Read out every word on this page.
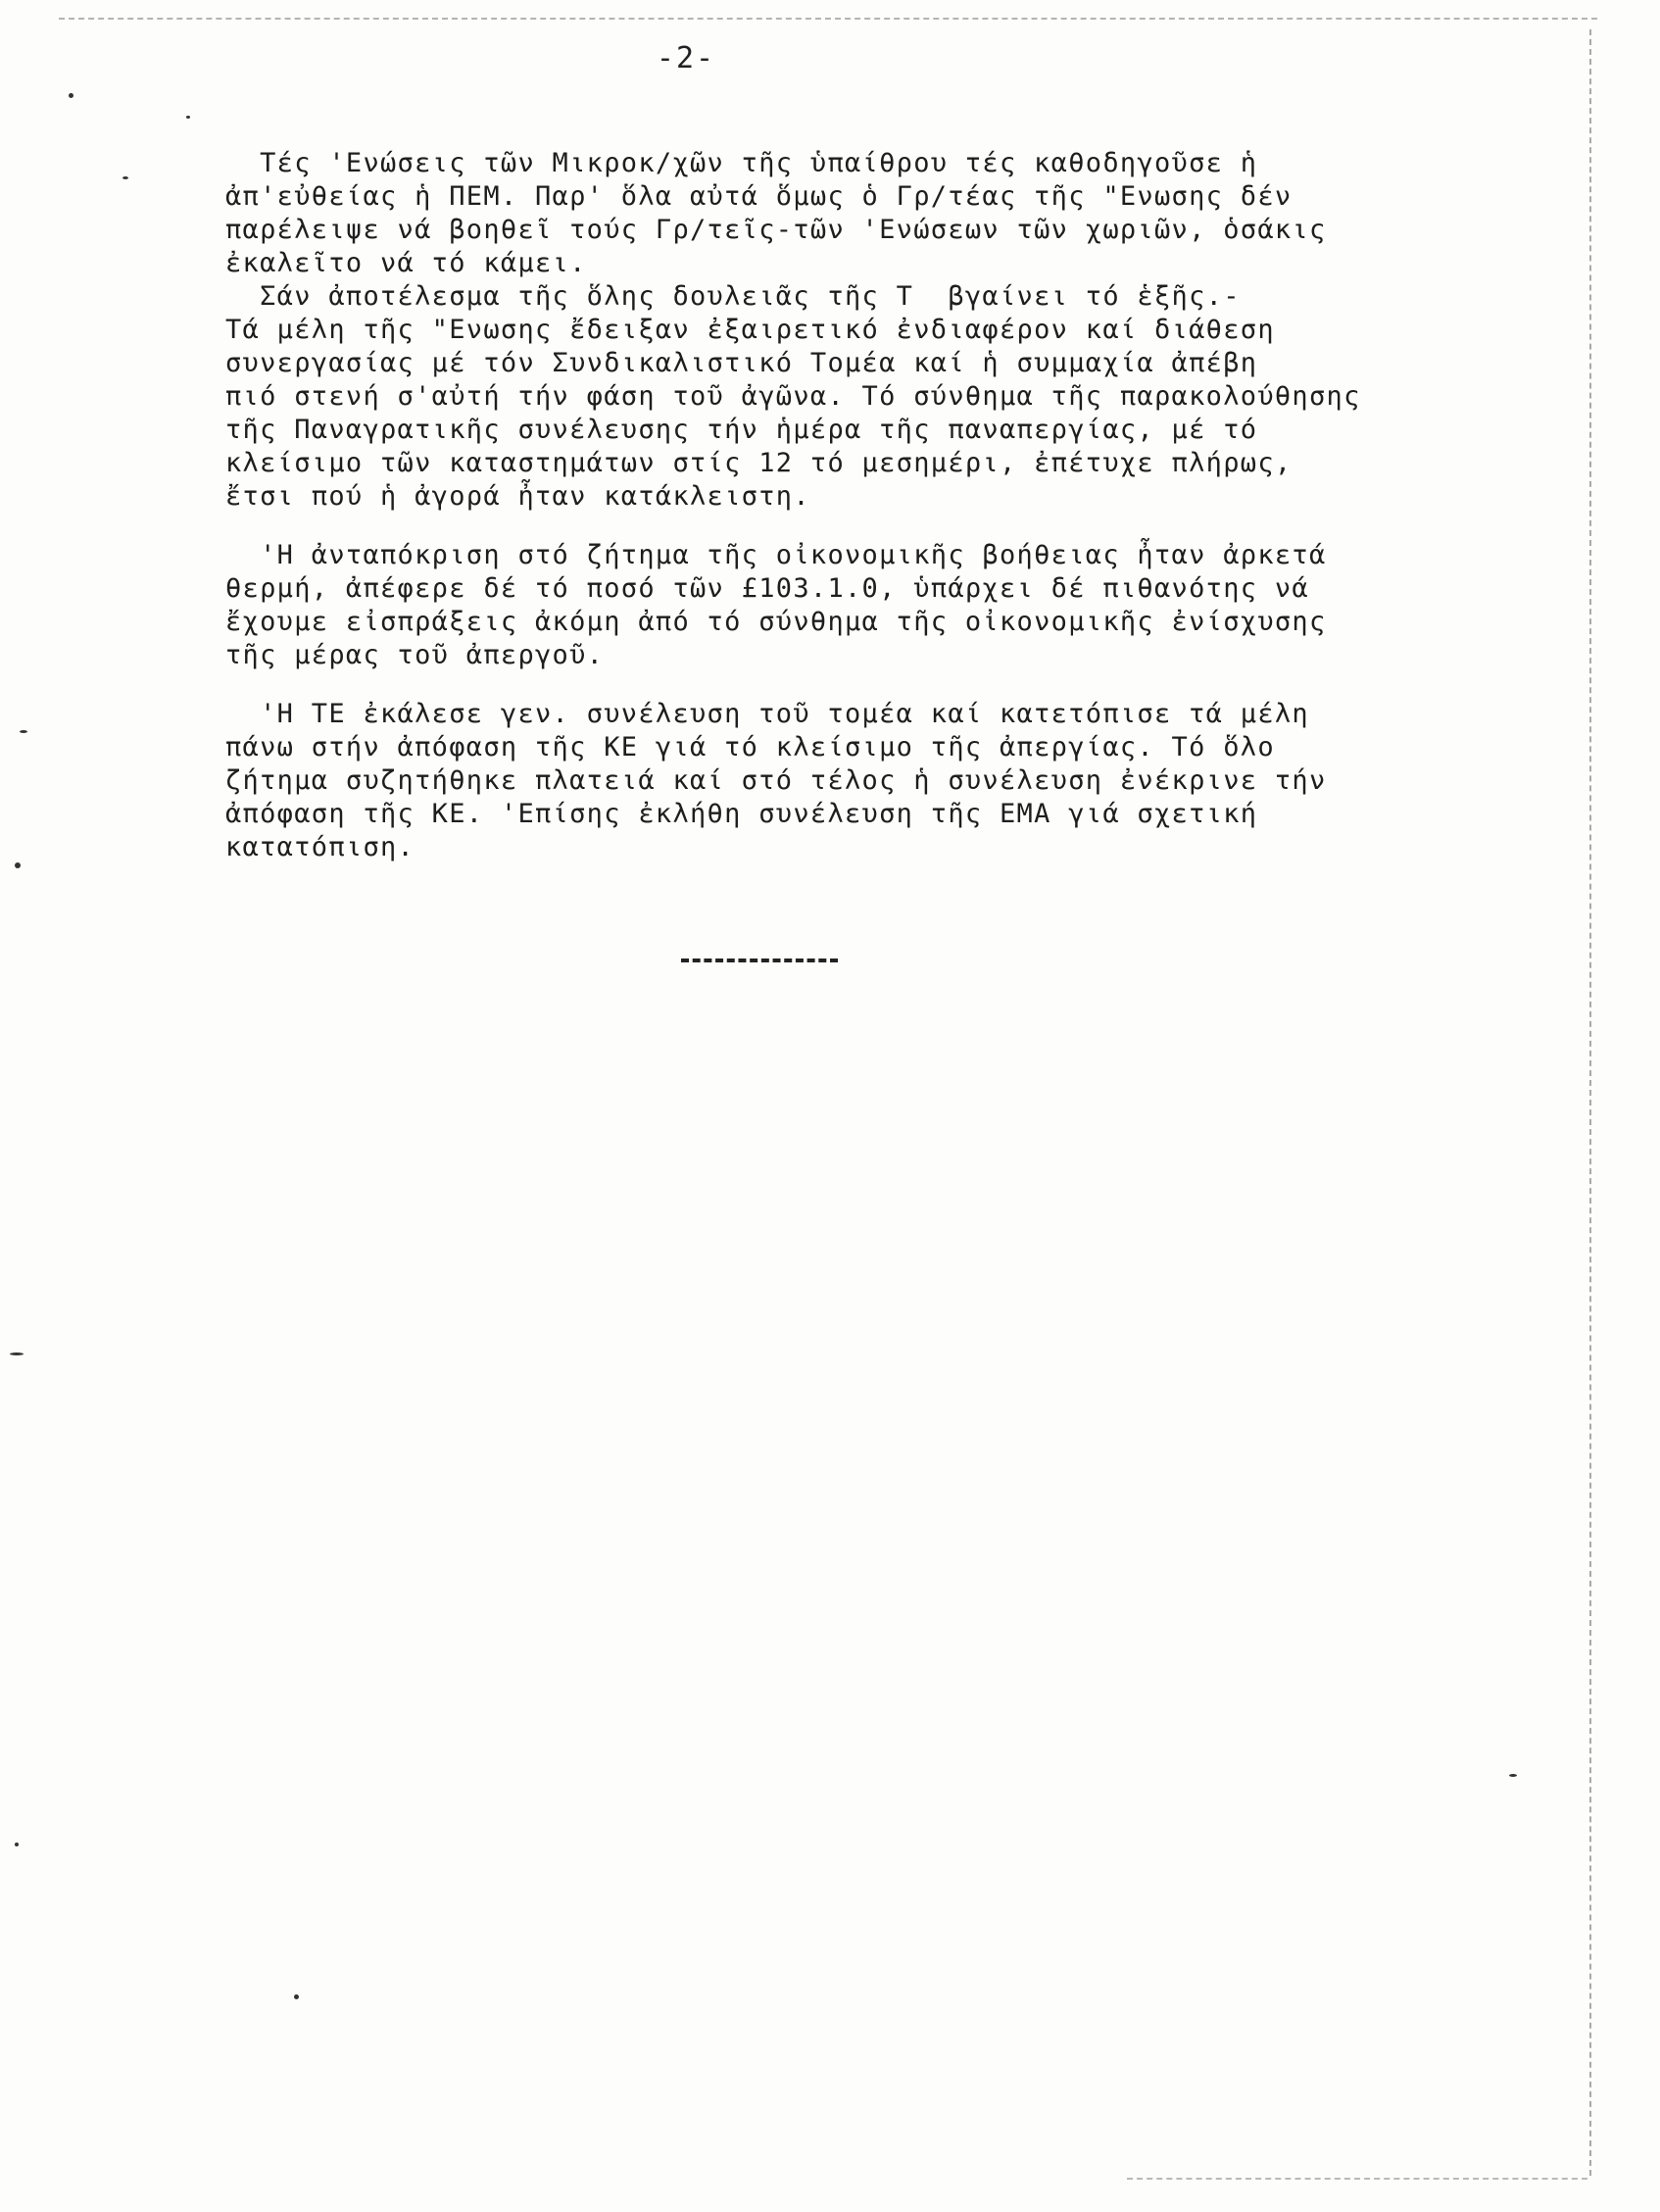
-2-
Τές 'Ενώσεις τῶν Μικροκ/χῶν τῆς ὑπαίθρου τές καθοδηγοῦσε ἡ
ἀπ'εὐθείας ἡ ΠΕΜ. Παρ' ὅλα αὐτά ὅμως ὁ Γρ/τέας τῆς "Ενωσης δέν
παρέλειψε νά βοηθεῖ τούς Γρ/τεῖς-τῶν 'Ενώσεων τῶν χωριῶν, ὁσάκις
ἐκαλεῖτο νά τό κάμει.
Σάν ἀποτέλεσμα τῆς ὅλης δουλειᾶς τῆς Τ  βγαίνει τό ἑξῆς.-
Τά μέλη τῆς "Ενωσης ἔδειξαν ἐξαιρετικό ἐνδιαφέρον καί διάθεση
συνεργασίας μέ τόν Συνδικαλιστικό Τομέα καί ἡ συμμαχία ἀπέβη
πιό στενή σ'αὐτή τήν φάση τοῦ ἀγῶνα. Τό σύνθημα τῆς παρακολούθησης
τῆς Παναγρατικῆς συνέλευσης τήν ἡμέρα τῆς παναπεργίας, μέ τό
κλείσιμο τῶν καταστημάτων στίς 12 τό μεσημέρι, ἐπέτυχε πλήρως,
ἔτσι πού ἡ ἀγορά ἦταν κατάκλειστη.
'Η ἀνταπόκριση στό ζήτημα τῆς οἰκονομικῆς βοήθειας ἦταν ἀρκετά
θερμή, ἀπέφερε δέ τό ποσό τῶν £103.1.0, ὑπάρχει δέ πιθανότης νά
ἔχουμε εἰσπράξεις ἀκόμη ἀπό τό σύνθημα τῆς οἰκονομικῆς ἐνίσχυσης
τῆς μέρας τοῦ ἀπεργοῦ.
'Η ΤΕ ἐκάλεσε γεν. συνέλευση τοῦ τομέα καί κατετόπισε τά μέλη
πάνω στήν ἀπόφαση τῆς ΚΕ γιά τό κλείσιμο τῆς ἀπεργίας. Τό ὅλο
ζήτημα συζητήθηκε πλατειά καί στό τέλος ἡ συνέλευση ἐνέκρινε τήν
ἀπόφαση τῆς ΚΕ. 'Επίσης ἐκλήθη συνέλευση τῆς ΕΜΑ γιά σχετική
κατατόπιση.
